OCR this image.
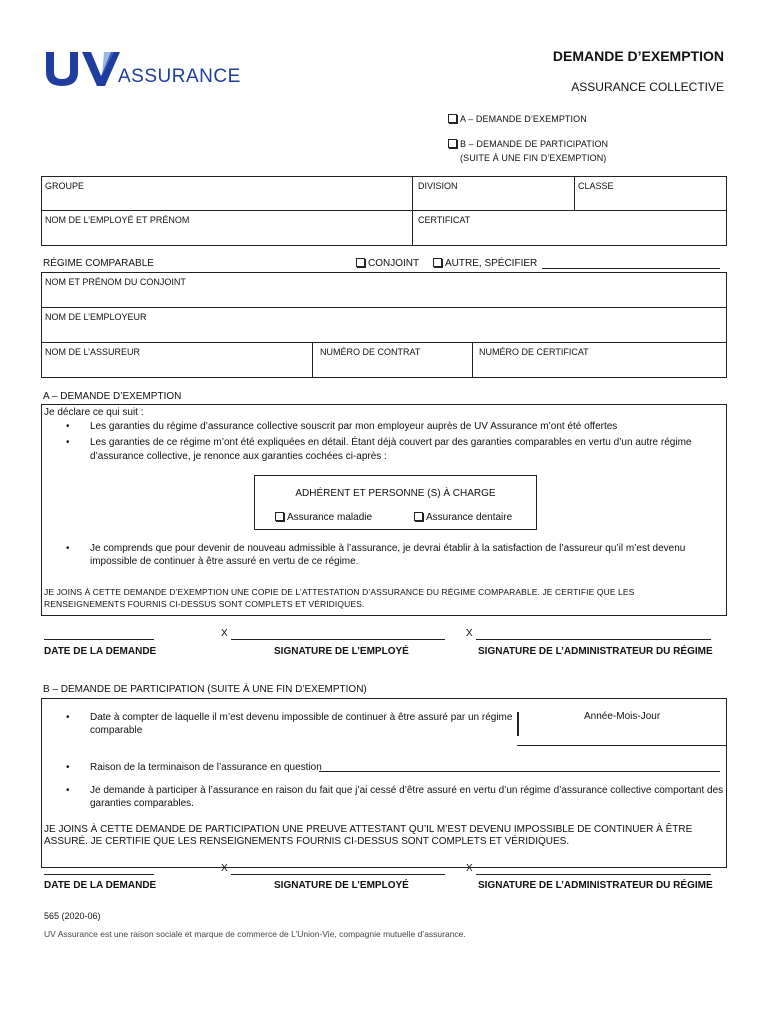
ASSURANCE
DEMANDE D’EXEMPTION
ASSURANCE COLLECTIVE
A – DEMANDE D’EXEMPTION
B – DEMANDE DE PARTICIPATION
(SUITE À UNE FIN D’EXEMPTION)
GROUPE	DIVISION	CLASSE
NOM DE L’EMPLOYÉ ET PRÉNOM	CERTIFICAT
RÉGIME COMPARABLE	CONJOINT	AUTRE, SPÉCIFIER
NOM ET PRÉNOM DU CONJOINT
NOM DE L’EMPLOYEUR
NOM DE L’ASSUREUR	NUMÉRO DE CONTRAT	NUMÉRO DE CERTIFICAT
A – DEMANDE D’EXEMPTION
Je déclare ce qui suit :
• Les garanties du régime d’assurance collective souscrit par mon employeur auprès de UV Assurance m’ont été offertes
• Les garanties de ce régime m’ont été expliquées en détail. Étant déjà couvert par des garanties comparables en vertu d’un autre régime
d’assurance collective, je renonce aux garanties cochées ci-après :
ADHÉRENT ET PERSONNE (S) À CHARGE
Assurance maladie	Assurance dentaire
• Je comprends que pour devenir de nouveau admissible à l’assurance, je devrai établir à la satisfaction de l’assureur qu’il m’est devenu
impossible de continuer à être assuré en vertu de ce régime.
JE JOINS À CETTE DEMANDE D’EXEMPTION UNE COPIE DE L’ATTESTATION D’ASSURANCE DU RÉGIME COMPARABLE. JE CERTIFIE QUE LES
RENSEIGNEMENTS FOURNIS CI-DESSUS SONT COMPLETS ET VÉRIDIQUES.
X	X
DATE DE LA DEMANDE	SIGNATURE DE L’EMPLOYÉ	SIGNATURE DE L’ADMINISTRATEUR DU RÉGIME
B – DEMANDE DE PARTICIPATION (SUITE À UNE FIN D’EXEMPTION)
• Date à compter de laquelle il m’est devenu impossible de continuer à être assuré par un régime
comparable
Année-Mois-Jour
• Raison de la terminaison de l’assurance en question
• Je demande à participer à l’assurance en raison du fait que j’ai cessé d’être assuré en vertu d’un régime d’assurance collective comportant des
garanties comparables.
JE JOINS À CETTE DEMANDE DE PARTICIPATION UNE PREUVE ATTESTANT QU’IL M’EST DEVENU IMPOSSIBLE DE CONTINUER À ÊTRE
ASSURÉ. JE CERTIFIE QUE LES RENSEIGNEMENTS FOURNIS CI-DESSUS SONT COMPLETS ET VÉRIDIQUES.
X	X
DATE DE LA DEMANDE	SIGNATURE DE L’EMPLOYÉ	SIGNATURE DE L’ADMINISTRATEUR DU RÉGIME
565 (2020-06)
UV Assurance est une raison sociale et marque de commerce de L’Union-Vie, compagnie mutuelle d’assurance.
